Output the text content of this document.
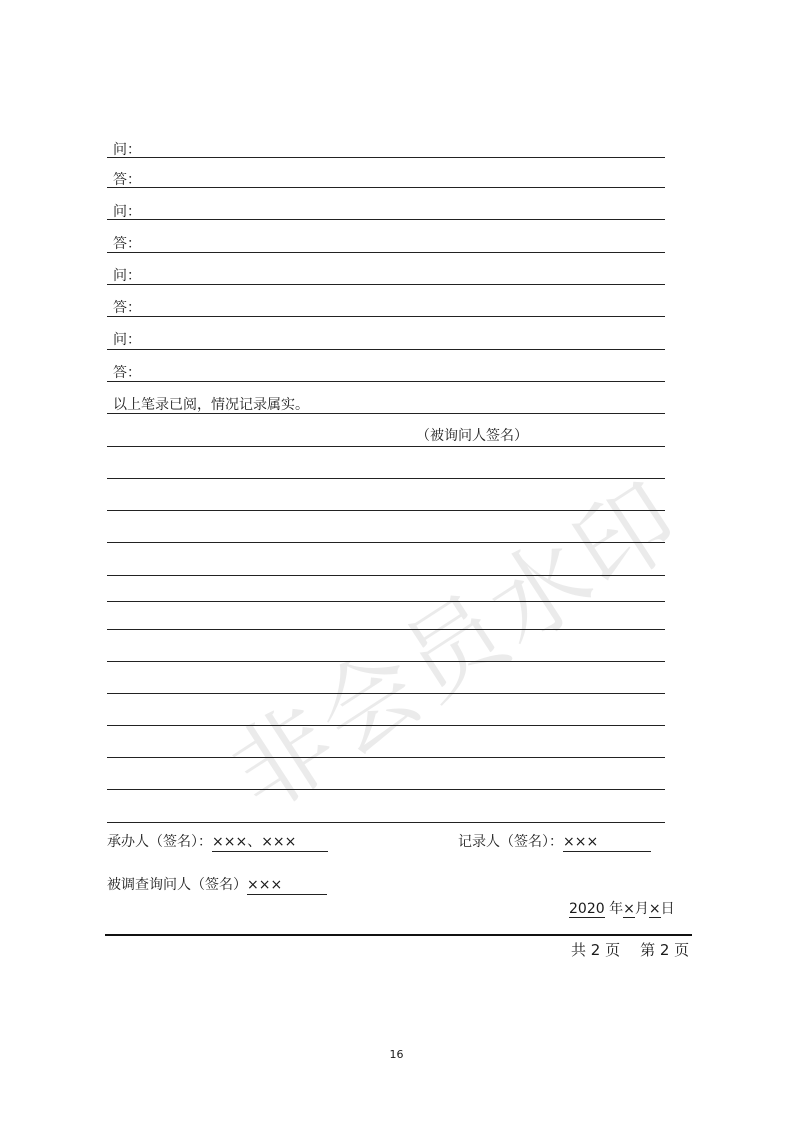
非会员水印
问：
答：
问：
答：
问：
答：
问：
答：
以上笔录已阅，情况记录属实。
（被询问人签名）
承办人（签名）：×××、×××	记录人（签名）：×××
被调查询问人（签名）×××
2020 年×月×日
共 2 页 第 2 页
16
